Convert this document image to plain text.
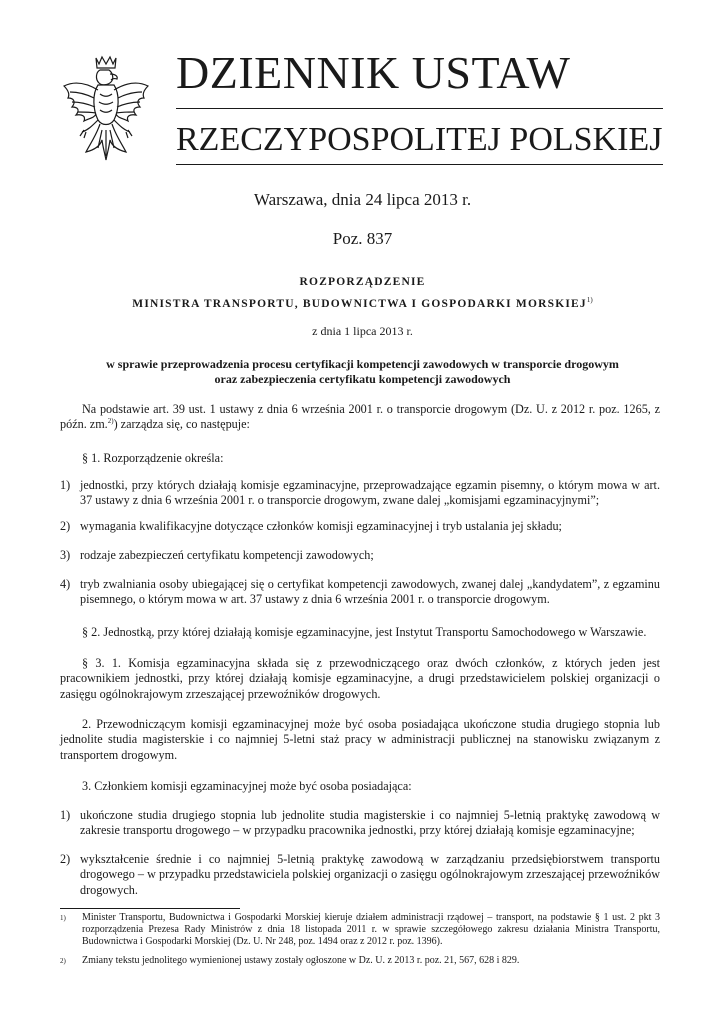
DZIENNIK USTAW
RZECZYPOSPOLITEJ POLSKIEJ
Warszawa, dnia 24 lipca 2013 r.
Poz. 837
ROZPORZĄDZENIE
MINISTRA TRANSPORTU, BUDOWNICTWA I GOSPODARKI MORSKIEJ$^{1)}$
z dnia 1 lipca 2013 r.
w sprawie przeprowadzenia procesu certyfikacji kompetencji zawodowych w transporcie drogowym
oraz zabezpieczenia certyfikatu kompetencji zawodowych
Na podstawie art. 39 ust. 1 ustawy z dnia 6 września 2001 r. o transporcie drogowym (Dz. U. z 2012 r. poz. 1265, z późn. zm.$^{2)}$) zarządza się, co następuje:
§ 1. Rozporządzenie określa:
1) jednostki, przy których działają komisje egzaminacyjne, przeprowadzające egzamin pisemny, o którym mowa w art. 37 ustawy z dnia 6 września 2001 r. o transporcie drogowym, zwane dalej „komisjami egzaminacyjnymi”;
2) wymagania kwalifikacyjne dotyczące członków komisji egzaminacyjnej i tryb ustalania jej składu;
3) rodzaje zabezpieczeń certyfikatu kompetencji zawodowych;
4) tryb zwalniania osoby ubiegającej się o certyfikat kompetencji zawodowych, zwanej dalej „kandydatem”, z egzaminu pisemnego, o którym mowa w art. 37 ustawy z dnia 6 września 2001 r. o transporcie drogowym.
§ 2. Jednostką, przy której działają komisje egzaminacyjne, jest Instytut Transportu Samochodowego w Warszawie.
§ 3. 1. Komisja egzaminacyjna składa się z przewodniczącego oraz dwóch członków, z których jeden jest pracownikiem jednostki, przy której działają komisje egzaminacyjne, a drugi przedstawicielem polskiej organizacji o zasięgu ogólnokrajowym zrzeszającej przewoźników drogowych.
2. Przewodniczącym komisji egzaminacyjnej może być osoba posiadająca ukończone studia drugiego stopnia lub jednolite studia magisterskie i co najmniej 5-letni staż pracy w administracji publicznej na stanowisku związanym z transportem drogowym.
3. Członkiem komisji egzaminacyjnej może być osoba posiadająca:
1) ukończone studia drugiego stopnia lub jednolite studia magisterskie i co najmniej 5-letnią praktykę zawodową w zakresie transportu drogowego – w przypadku pracownika jednostki, przy której działają komisje egzaminacyjne;
2) wykształcenie średnie i co najmniej 5-letnią praktykę zawodową w zarządzaniu przedsiębiorstwem transportu drogowego – w przypadku przedstawiciela polskiej organizacji o zasięgu ogólnokrajowym zrzeszającej przewoźników drogowych.
1) Minister Transportu, Budownictwa i Gospodarki Morskiej kieruje działem administracji rządowej – transport, na podstawie § 1 ust. 2 pkt 3 rozporządzenia Prezesa Rady Ministrów z dnia 18 listopada 2011 r. w sprawie szczegółowego zakresu działania Ministra Transportu, Budownictwa i Gospodarki Morskiej (Dz. U. Nr 248, poz. 1494 oraz z 2012 r. poz. 1396).
2) Zmiany tekstu jednolitego wymienionej ustawy zostały ogłoszone w Dz. U. z 2013 r. poz. 21, 567, 628 i 829.
